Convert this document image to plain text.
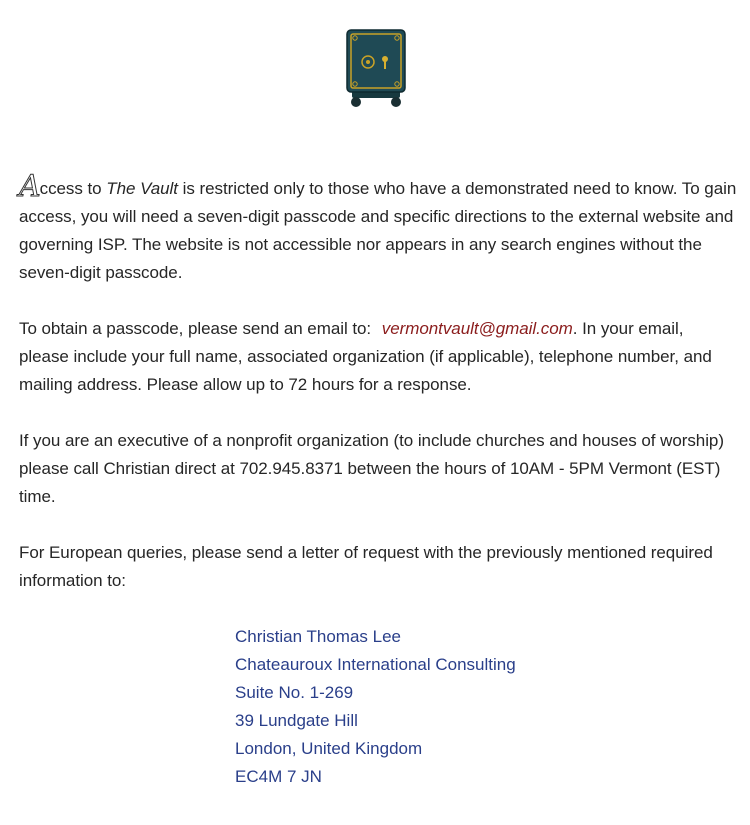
Access to The Vault is restricted only to those who have a demonstrated need to know. To gain access, you will need a seven-digit passcode and specific directions to the external website and governing ISP. The website is not accessible nor appears in any search engines without the seven-digit passcode.

To obtain a passcode, please send an email to: vermontvault@gmail.com. In your email, please include your full name, associated organization (if applicable), telephone number, and mailing address. Please allow up to 72 hours for a response.

If you are an executive of a nonprofit organization (to include churches and houses of worship) please call Christian direct at 702.945.8371 between the hours of 10AM - 5PM Vermont (EST) time.

For European queries, please send a letter of request with the previously mentioned required information to:

Christian Thomas Lee
Chateauroux International Consulting
Suite No. 1-269
39 Lundgate Hill
London, United Kingdom
EC4M 7 JN
